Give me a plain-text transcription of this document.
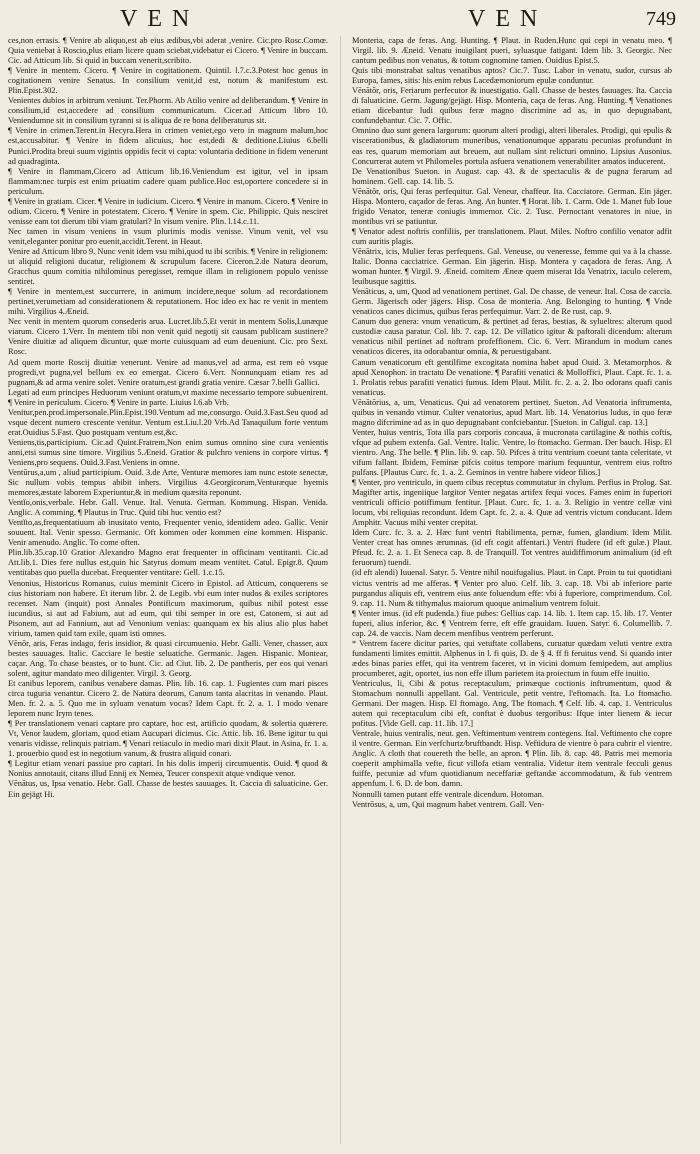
VEN	VEN	749

ces,non errasis. ¶ Venire ab aliquo,est ab eius ædibus,vbi aderat ,venire. Cic.pro Rosc.Comœ. Quia veniebat à Roscio,plus etiam licere quam sciebat,videbatur ei Cicero. ¶ Venire in buccam. Cic. ad Atticum lib. Si quid in buccam venerit,scribito.

¶ Venire in mentem. Cicero. ¶ Venire in cogitationem. Quintil. l.7.c.3.Potest hoc genus in cogitationem venire Senatus. In consilium venit,id est, notum & manifestum est. Plin.Epist.302.

Venientes dubios in arbitrum veniunt. Ter.Phorm. Ab Atilio venire ad deliberandum. ¶ Venire in consilium,id est,accedere ad consilium communicatum. Cicer.ad Atticum libro 10. Veniendumne sit in consilium tyranni si is aliqua de re bona deliberaturus sit.

¶ Venire in crimen.Terent.in Hecyra.Hera in crimen veniet,ego vero in magnum malum,hoc est,accusabitur. ¶ Venire in fidem alicuius, hoc est,dedi & deditione.Liuius 6.belli Punici.Prodita breui suum vigintis oppidis fecit vi capta: voluntaria deditione in fidem venerunt ad quadraginta.

¶ Venire in flammam,Cicero ad Atticum lib.16.Veniendum est igitur, vel in ipsam flammam:nec turpis est enim priuatim cadere quam publice.Hoc est,oportere concedere si in periculum.

¶ Venire in gratiam. Cicer. ¶ Venire in iudicium. Cicero. ¶ Venire in manum. Cicero. ¶ Venire in odium. Cicero. ¶ Venire in potestatem. Cicero. ¶ Venire in spem. Cic. Philippic. Quis nesciret venisse eam tot dierum tibi viam gratulari? In visum venire. Plin. l.14.c.11.

Nec tamen in visum veniens in vsum plurimis modis venisse. Vinum venit, vel vsu venit,eleganter ponitur pro euenit,accidit.Terent. in Heaut.

Venire ad Atticum libro 9. Nunc venit idem vsu mihi,quod tu ibi scribis. ¶ Venire in religionem: ut aliquid religioni ducatur, religionem & scrupulum facere. Ciceron.2.de Natura deorum, Gracchus quum comitia nihilominus peregisset, remque illam in religionem populo venisse sentiret.

¶ Venire in mentem,est succurrere, in animum incidere,neque solum ad recordationem pertinet,verumetiam ad considerationem & reputationem. Hoc ideo ex hac re venit in mentem mihi. Virgilius 4.Æneid.

Nec venit in mentem quorum consederis arua. Lucret.lib.5.Et venit in mentem Solis,Lunæque viarum. Cicero 1.Verr. In mentem tibi non venit quid negotij sit causam publicam sustinere? Venire diuitiæ ad aliquem dicuntur, quæ morte cuiusquam ad eum deueniunt. Cic. pro Sext. Rosc.

Ad quem morte Roscij diuitiæ venerunt. Venire ad manus,vel ad arma, est rem eò vsque progredi,vt pugna,vel bellum ex eo emergat. Cicero 6.Verr. Nonnunquam etiam res ad pugnam,& ad arma venire solet. Venire oratum,est grandi gratia venire. Cæsar 7.belli Gallici.

Legati ad eum principes Heduorum veniunt oratum,vt maxime necessario tempore subuenirent. ¶ Venire in periculum. Cicero. ¶ Venire in parte. Liuius l.6.ab Vrb.

Venitur,pen.prod.impersonale.Plin.Epist.190.Ventum ad me,consurgo. Ouid.3.Fast.Seu quod ad vsque decent numero crescente venitur. Ventum est.Liu.l.20 Vrb.Ad Tanaquilum forte ventum erat.Ouidius 5.Fast. Quo postquam ventum est,&c.

Veniens,tis,participium. Cic.ad Quint.Fratrem,Non enim sumus omnino sine cura venientis anni,etsi sumus sine timore. Virgilius 5.Æneid. Gratior & pulchro veniens in corpore virtus. ¶ Veniens,pro sequens. Ouid.3.Fast.Veniens in omne.

Ventūrus,a,um , aliud participium. Ouid. 3.de Arte, Venturæ memores iam nunc estote senectæ, Sic nullum vobis tempus abibit inhers. Virgilius 4.Georgicorum,Venturæque hyemis memores,æstate laborem Experiuntur,& in medium quæsita reponunt.

Ventĭo,onis,verbale. Hebr. Gall. Venue. Ital. Venuta. German. Kommung. Hispan. Venida. Anglic. A comming. ¶ Plautus in Truc. Quid tibi huc ventio est?

Ventĭto,as,frequentatiuum ab inusitato vento, Frequenter venio, identidem adeo. Gallic. Venir souuent. Ital. Venir spesso. Germanic. Oft kommen oder kommen eine kommen. Hispanic. Venir amenudo. Anglic. To come often.

Plin.lib.35.cap.10 Gratior Alexandro Magno erat frequenter in officinam ventitanti. Cic.ad Att.lib.1. Dies fere nullus est,quin hic Satyrus domum meam ventitet. Catul. Epigr.8. Quum ventitabas quo puella ducebat. Frequenter ventitare: Gell. 1.c.15.

Venonius, Historicus Romanus, cuius meminit Cicero in Epistol. ad Atticum, conquerens se cius historiam non habere. Et iterum libr. 2. de Legib. vbi eum inter nudos & exiles scriptores recenset. Nam (inquit) post Annales Pontificum maximorum, quibus nihil potest esse iucundius, si aut ad Fabium, aut ad eum, qui tibi semper in ore est, Catonem, si aut ad Pisonem, aut ad Fannium, aut ad Venonium venias: quanquam ex his alius alio plus habet virium, tamen quid tam exile, quam isti omnes.

Vēnōr, aris, Feras indago, feris insidior, & quasi circumuenio. Hebr. Galli. Vener, chasser, aux bestes sauuages. Italic. Cacciare le bestie seluatiche. Germanic. Jagen. Hispanic. Montear, caçar. Ang. To chase beastes, or to hunt. Cic. ad Ciut. lib. 2. De pantheris, per eos qui venari solent, agitur mandato meo diligenter. Virgil. 3. Georg.

Et canibus leporem, canibus venabere damas. Plin. lib. 16. cap. 1. Fugientes cum mari pisces circa tuguria venantur. Cicero 2. de Natura deorum, Canum tanta alacritas in venando. Plaut. Men. fr. 2. a. 5. Quo me in syluam venatum vocas? Idem Capt. fr. 2. a. 1. I modo venare leporem nunc Irym tenes.

¶ Per translationem venari captare pro captare, hoc est, artificio quodam, & solertia quærere. Vt, Venor laudem, gloriam, quod etiam Aucupari dicimus. Cic. Attic. lib. 16. Bene igitur tu qui venaris vidisse, relinquis patriam. ¶ Venari retiaculo in medio mari dixit Plaut. in Asina, fr. 1. a. 1. prouerbio quod est in negotium vanum, & frustra aliquid conari.

¶ Legitur etiam venari passiue pro captari. In his dolis imperij circumuentis. Ouid. ¶ quod & Nonius annotauit, citans illud Ennij ex Nemea, Teucer conspexit atque vndique venor.

Vēnātus, us, Ipsa venatio. Hebr. Gall. Chasse de bestes sauuages. It. Caccia di saluaticine. Ger. Ein gejägt Hi.

Monteria, capa de feras. Ang. Hunting. ¶ Plaut. in Ruden.Hunc qui cepi in venatu meo. ¶ Virgil. lib. 9. Æneid. Venatu inuigilant pueri, syluasque fatigant. Idem lib. 3. Georgic. Nec cantum pedibus non venatus, & totum cognomine tamen. Ouidius Epist.5.

Quis tibi monstrabat saltus venatibus aptos? Cic.7. Tusc. Labor in venatu, sudor, cursus ab Europa, fames, sitis: his enim rebus Lacedæmoniorum epulæ conduntur.

Vēnātŏr, oris, Feriarum perfecutor & inuestigatio. Gall. Chasse de bestes fauuages. Ita. Caccia di faluaticine. Germ. Jagung/gejägt. Hisp. Monteria, caça de feras. Ang. Hunting. ¶ Venationes etiam dicebantur ludi quibus feræ magno discrimine ad as, in quo depugnabant, confundebantur. Cic. 7. Offic.

Omnino duo sunt genera largorum: quorum alteri prodigi, alteri liberales. Prodigi, qui epulis & viscerationibus, & gladiatorum muneribus, venationumque apparatu pecunias profundunt in eas res, quarum memoriam aut breuem, aut nullam sint relicturi omnino. Lipsius Ausonius. Concurrerat autem vt Philomeles portula asfuera venationem venerabiliter amatos inducerent.

De Venationibus Sueton. in August. cap. 43. & de spectaculis & de pugna ferarum ad hominem. Gell. cap. 14. lib. 5.

Vēnātŏr, oris, Qui feras perfequitur. Gal. Veneur, chaffeur. Ita. Cacciatore. German. Ein jäger. Hispa. Montero, caçador de feras. Ang. An hunter. ¶ Horat. lib. 1. Carm. Ode 1. Manet fub Ioue frigido Venator, teneræ coniugis immemor. Cic. 2. Tusc. Pernoctant venatores in niue, in montibus vri se patiuntur.

¶ Venator adest noftris confiliis, per translationem. Plaut. Miles. Noftro confilio venator adfit cum auritis plagis.

Vēnātrix, icis, Mulier feras perfequens. Gal. Veneuse, ou veneresse, femme qui va à la chasse. Italic. Donna cacciatrice. German. Ein jägerin. Hisp. Montera y caçadora de feras. Ang. A woman hunter. ¶ Virgil. 9. Æneid. comitem Æneæ quem miserat Ida Venatrix, iaculo celerem, leuibusque sagittis.

Venāticus, a, um, Quod ad venationem pertinet. Gal. De chasse, de veneur. Ital. Cosa de caccia. Germ. Jägerisch oder jägers. Hisp. Cosa de monteria. Ang. Belonging to hunting. ¶ Vnde venaticos canes dicimus, quibus feras perfequimur. Varr. 2. de Re rust. cap. 9.

Canum duo genera: vnum venaticum, & pertinet ad feras, bestias, & sylueltres: alterum quod custodiæ causa paratur. Col. lib. 7. cap. 12. De villatico igitur & paftorali dicendum: alterum venaticus nihil pertinet ad noftram profeffionem. Cic. 6. Verr. Mirandum in modum canes venaticos diceres, ita odorabantur omnia, & peruestigabant.

Canum venaticorum eft gentilfime excogitata nomina habet apud Ouid. 3. Metamorphos. & apud Xenophon. in tractatu De venatione. ¶ Parafiti venatici & Molloffici, Plaut. Capt. fc. 1. a. 1. Prolatis rebus parafiti venatici fumus. Idem Plaut. Milit. fc. 2. a. 2. Ibo odorans quafi canis venaticus.

Vēnātōrius, a, um, Venaticus. Qui ad venatorem pertinet. Sueton. Ad Venatoria inftrumenta, quibus in venando vtimur. Culter venatorius, apud Mart. lib. 14. Venatorius ludus, in quo feræ magno difcrimine ad as in quo depugnabant confciebantur. [Sueton. in Caligul. cap. 13.]

Venter, huius ventris, Tota illa pars corporis concaua, à mucronata cartilagine & nothis coftis, vfque ad pubem extenfa. Gal. Ventre. Italic. Ventre, lo ftomacho. German. Der bauch. Hisp. El vientro. Ang. The belle. ¶ Plin. lib. 9. cap. 50. Pifces à tritu ventrium coeunt tanta celeritate, vt vifum fallant. Ibidem, Feminæ pifcis coitus tempore marium fequuntur, ventrem eius roftro pulfans. [Plautus Curc. fc. 1. a. 2. Geminos in ventre habere videor filios.]

¶ Venter, pro ventriculo, in quem cibus receptus commutatur in chylum. Perfius in Prolog. Sat. Magifter artis, ingeniique largitor Venter negatas artifex fequi voces. Fames enim in fuperiori ventriculi officio potiffimum fentitur. [Plaut. Curc. fc. 1. a. 3. Religio in ventre cellæ vini locum, vbi reliquias recondunt. Idem Capt. fc. 2. a. 4. Quæ ad ventris victum conducant. Idem Amphitr. Vacuus mihi venter crepitat.

Idem Curc. fc. 3. a. 2. Hæc funt ventri ftabilimenta, pernæ, fumen, glandium. Idem Milit. Venter creat has omnes ærumnas. (id eft cogit affentari.) Ventri ftudere (id eft gulæ.) Plaut. Pfeud. fc. 2. a. 1. Et Seneca cap. 8. de Tranquill. Tot ventres auidiffimorum animalium (id eft feruorum) tuendi.

(id eft alendi) Iuuenal. Satyr. 5. Ventre nihil nouifugalius. Plaut. in Capt. Proin tu tui quotidiani victus ventris ad me afferas. ¶ Venter pro aluo. Celf. lib. 3. cap. 18. Vbi ab inferiore parte purgandus aliquis eft, ventrem eius ante foluendum effe: vbi à fuperiore, comprimendum. Col. 9. cap. 11. Num & tithymalus maiorum quoque animalium ventrem foluit.

¶ Venter imus. (id eft pudenda.) fiue pubes: Gellius cap. 14. lib. 1. Item cap. 15. lib. 17. Venter fuperi, alius inferior, &c. ¶ Ventrem ferre, eft effe grauidam. Iuuen. Satyr. 6. Columellib. 7. cap. 24. de vaccis. Nam decem menfibus ventrem perferunt.

* Ventrem facere dicitur paries, qui vetuftate collabens, curuatur quædam veluti ventre extra fundamenti limites emittit. Alphenus in l. fi quis, D. de § 4. ff fi feruitus vend. Si quando inter ædes binas paries effet, qui ita ventrem faceret, vt in vicini domum femipedem, aut amplius procumberet, agit, oportet, ius non effe illum parietem ita proiectum in fuum effe inuitio.

Ventriculus, li, Cibi & potus receptaculum, primæque coctionis inftrumentum, quod & Stomachum nonnulli appellant. Gal. Ventricule, petit ventre, l'eftomach. Ita. Lo ftomacho. Germani. Der magen. Hisp. El ftomago. Ang. The ftomach. ¶ Celf. lib. 4. cap. 1. Ventriculus autem qui receptaculum cibi eft, conftat è duobus tergoribus: Ifque inter lienem & iecur pofitus. [Vide Gell. cap. 11. lib. 17.]

Ventrale, huius ventralis, neut. gen. Veftimentum ventrem contegens. Ital. Veftimento che copre il ventre. German. Ein verfchurtz/bruftbandt. Hisp. Veftidura de vientre ò para cubrir el vientre. Anglic. A cloth that couereth the belle, an apron. ¶ Plin. lib. 8. cap. 48. Patris mei memoria coeperit amphimalla vefte, ficut villofa etiam ventralia. Videtur item ventrale fecculi genus fuiffe, pecuniæ ad vfum quotidianum neceffariæ geftandæ accommodatum, & fub ventrem appenfum. l. 6. D. de bon. damn.

Nonnulli tamen putant effe ventrale dicendum. Hotoman.

Ventrōsus, a, um, Qui magnum habet ventrem. Gall. Ven-
